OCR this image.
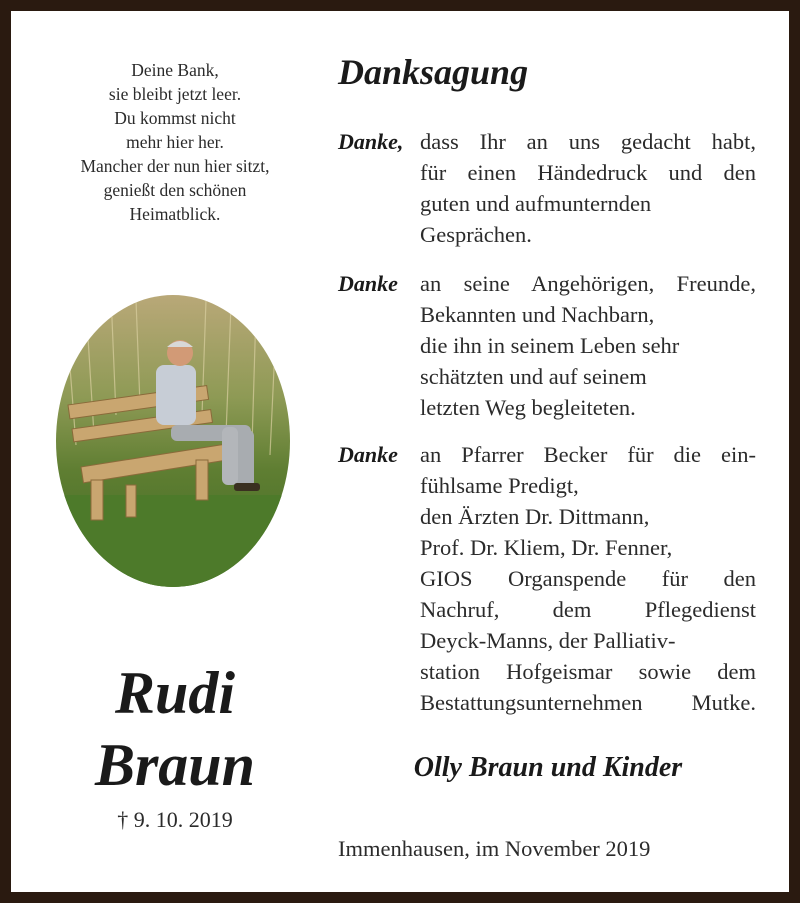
Deine Bank,
sie bleibt jetzt leer.
Du kommst nicht
mehr hier her.
Mancher der nun hier sitzt,
genießt den schönen
Heimatblick.
Rudi
Braun
† 9. 10. 2019
Danksagung
Danke, dass Ihr an uns gedacht habt,
für einen Händedruck und den
guten und aufmunternden
Gesprächen.
Danke an seine Angehörigen, Freunde,
Bekannten und Nachbarn,
die ihn in seinem Leben sehr
schätzten und auf seinem
letzten Weg begleiteten.
Danke an Pfarrer Becker für die ein-
fühlsame Predigt,
den Ärzten Dr. Dittmann,
Prof. Dr. Kliem, Dr. Fenner,
GIOS Organspende für den
Nachruf, dem Pflegedienst
Deyck-Manns, der Palliativ-
station Hofgeismar sowie dem
Bestattungsunternehmen Mutke.
Olly Braun und Kinder
Immenhausen, im November 2019
